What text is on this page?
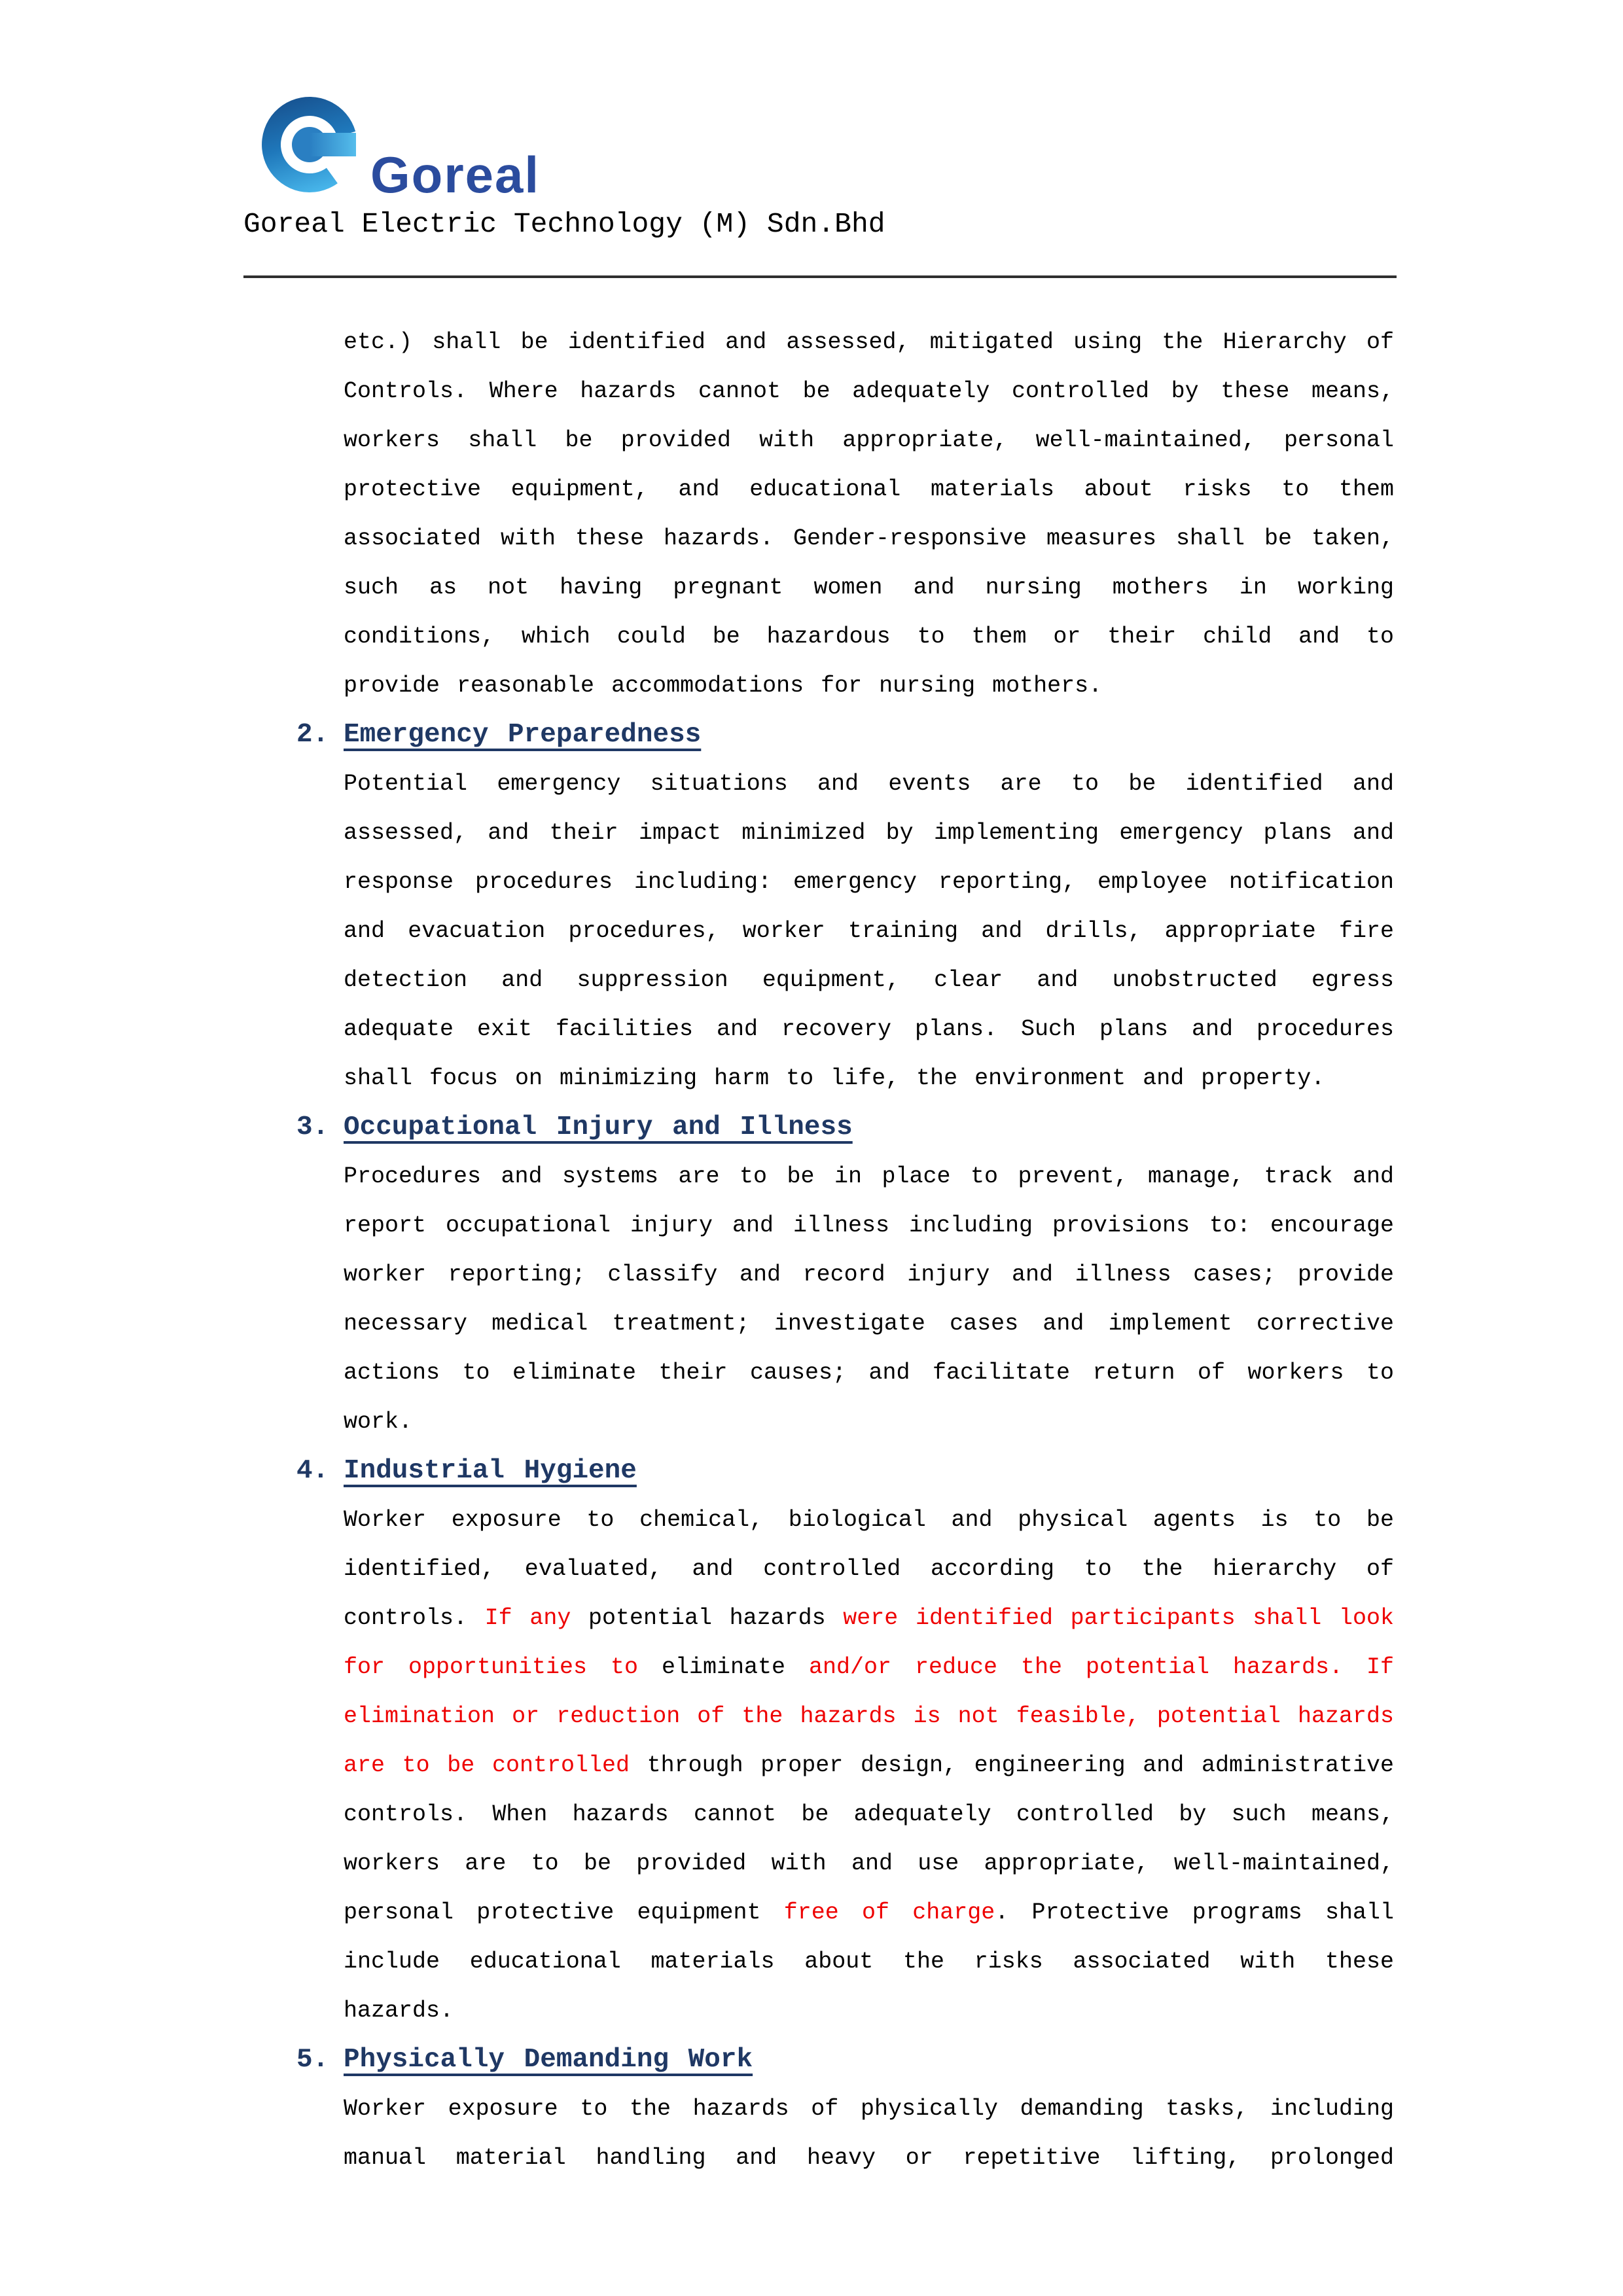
Goreal
Goreal Electric Technology (M) Sdn.Bhd

etc.) shall be identified and assessed, mitigated using the Hierarchy of Controls. Where hazards cannot be adequately controlled by these means, workers shall be provided with appropriate, well-maintained, personal protective equipment, and educational materials about risks to them associated with these hazards. Gender-responsive measures shall be taken, such as not having pregnant women and nursing mothers in working conditions, which could be hazardous to them or their child and to provide reasonable accommodations for nursing mothers.

2. Emergency Preparedness

Potential emergency situations and events are to be identified and assessed, and their impact minimized by implementing emergency plans and response procedures including: emergency reporting, employee notification and evacuation procedures, worker training and drills, appropriate fire detection and suppression equipment, clear and unobstructed egress adequate exit facilities and recovery plans. Such plans and procedures shall focus on minimizing harm to life, the environment and property.

3. Occupational Injury and Illness

Procedures and systems are to be in place to prevent, manage, track and report occupational injury and illness including provisions to: encourage worker reporting; classify and record injury and illness cases; provide necessary medical treatment; investigate cases and implement corrective actions to eliminate their causes; and facilitate return of workers to work.

4. Industrial Hygiene

Worker exposure to chemical, biological and physical agents is to be identified, evaluated, and controlled according to the hierarchy of controls. If any potential hazards were identified participants shall look for opportunities to eliminate and/or reduce the potential hazards. If elimination or reduction of the hazards is not feasible, potential hazards are to be controlled through proper design, engineering and administrative controls. When hazards cannot be adequately controlled by such means, workers are to be provided with and use appropriate, well-maintained, personal protective equipment free of charge. Protective programs shall include educational materials about the risks associated with these hazards.

5. Physically Demanding Work

Worker exposure to the hazards of physically demanding tasks, including manual material handling and heavy or repetitive lifting, prolonged
